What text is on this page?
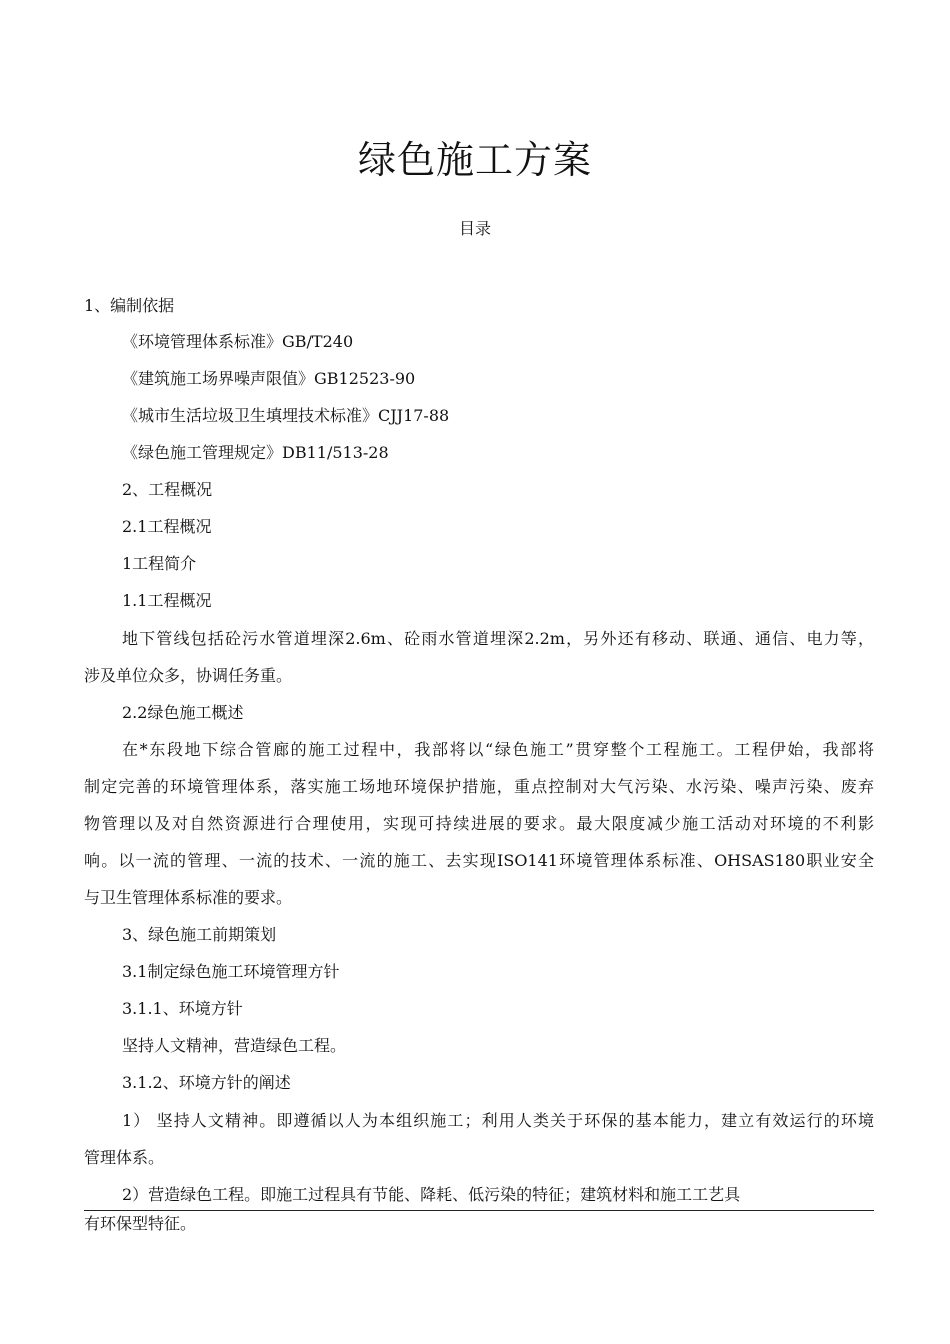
绿色施工方案
目录
1、编制依据
《环境管理体系标准》GB/T240
《建筑施工场界噪声限值》GB12523-90
《城市生活垃圾卫生填埋技术标准》CJJ17-88
《绿色施工管理规定》DB11/513-28
2、工程概况
2.1工程概况
1工程简介
1.1工程概况
地下管线包括砼污水管道埋深2.6m、砼雨水管道埋深2.2m，另外还有移动、联通、通信、电力等，
涉及单位众多，协调任务重。
2.2绿色施工概述
在*东段地下综合管廊的施工过程中，我部将以“绿色施工”贯穿整个工程施工。工程伊始，我部将
制定完善的环境管理体系，落实施工场地环境保护措施，重点控制对大气污染、水污染、噪声污染、废弃
物管理以及对自然资源进行合理使用，实现可持续进展的要求。最大限度减少施工活动对环境的不利影
响。以一流的管理、一流的技术、一流的施工、去实现ISO141环境管理体系标准、OHSAS180职业安全
与卫生管理体系标准的要求。
3、绿色施工前期策划
3.1制定绿色施工环境管理方针
3.1.1、环境方针
坚持人文精神，营造绿色工程。
3.1.2、环境方针的阐述
1） 坚持人文精神。即遵循以人为本组织施工；利用人类关于环保的基本能力，建立有效运行的环境
管理体系。
2）营造绿色工程。即施工过程具有节能、降耗、低污染的特征；建筑材料和施工工艺具
有环保型特征。
